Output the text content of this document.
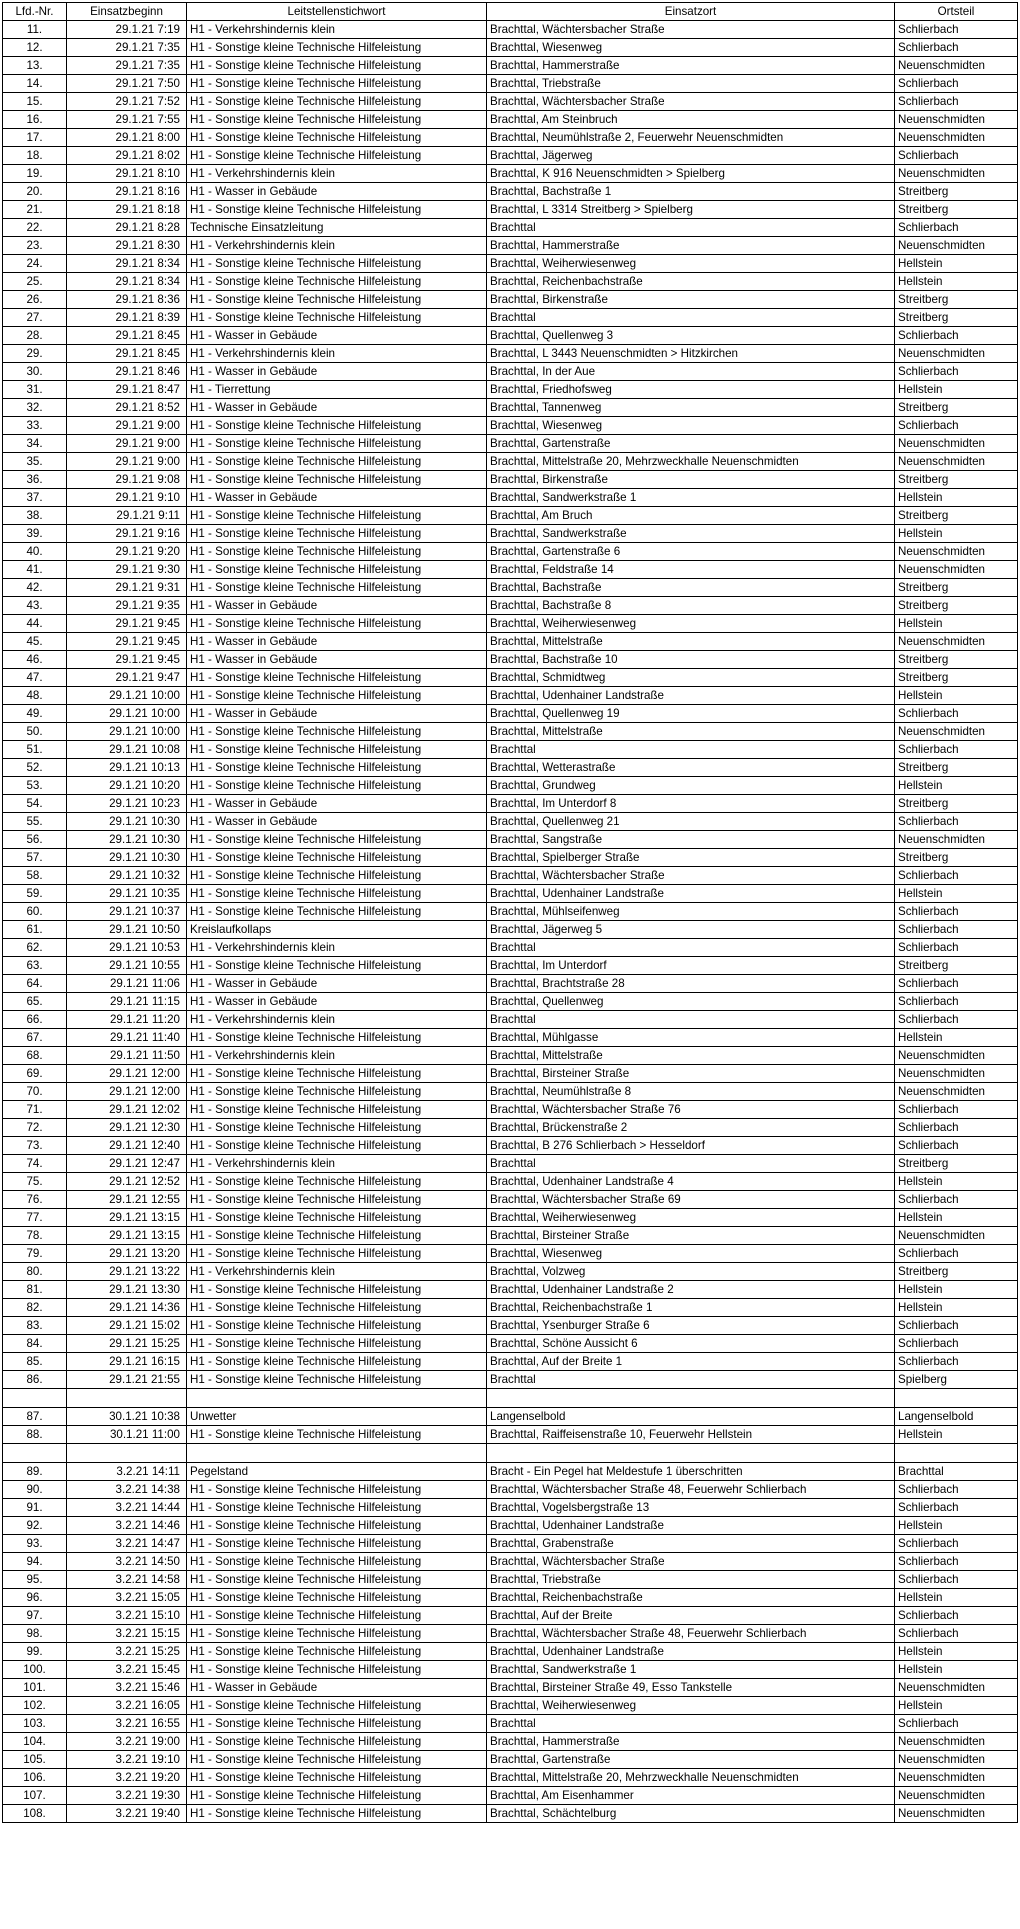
Lfd.-Nr.	Einsatzbeginn	Leitstellenstichwort	Einsatzort	Ortsteil
11.	29.1.21 7:19	H1 - Verkehrshindernis klein	Brachttal, Wächtersbacher Straße	Schlierbach
12.	29.1.21 7:35	H1 - Sonstige kleine Technische Hilfeleistung	Brachttal, Wiesenweg	Schlierbach
13.	29.1.21 7:35	H1 - Sonstige kleine Technische Hilfeleistung	Brachttal, Hammerstraße	Neuenschmidten
14.	29.1.21 7:50	H1 - Sonstige kleine Technische Hilfeleistung	Brachttal, Triebstraße	Schlierbach
15.	29.1.21 7:52	H1 - Sonstige kleine Technische Hilfeleistung	Brachttal, Wächtersbacher Straße	Schlierbach
16.	29.1.21 7:55	H1 - Sonstige kleine Technische Hilfeleistung	Brachttal, Am Steinbruch	Neuenschmidten
17.	29.1.21 8:00	H1 - Sonstige kleine Technische Hilfeleistung	Brachttal, Neumühlstraße 2, Feuerwehr Neuenschmidten	Neuenschmidten
18.	29.1.21 8:02	H1 - Sonstige kleine Technische Hilfeleistung	Brachttal, Jägerweg	Schlierbach
19.	29.1.21 8:10	H1 - Verkehrshindernis klein	Brachttal, K 916 Neuenschmidten > Spielberg	Neuenschmidten
20.	29.1.21 8:16	H1 - Wasser in Gebäude	Brachttal, Bachstraße 1	Streitberg
21.	29.1.21 8:18	H1 - Sonstige kleine Technische Hilfeleistung	Brachttal, L 3314 Streitberg > Spielberg	Streitberg
22.	29.1.21 8:28	Technische Einsatzleitung	Brachttal	Schlierbach
23.	29.1.21 8:30	H1 - Verkehrshindernis klein	Brachttal, Hammerstraße	Neuenschmidten
24.	29.1.21 8:34	H1 - Sonstige kleine Technische Hilfeleistung	Brachttal, Weiherwiesenweg	Hellstein
25.	29.1.21 8:34	H1 - Sonstige kleine Technische Hilfeleistung	Brachttal, Reichenbachstraße	Hellstein
26.	29.1.21 8:36	H1 - Sonstige kleine Technische Hilfeleistung	Brachttal, Birkenstraße	Streitberg
27.	29.1.21 8:39	H1 - Sonstige kleine Technische Hilfeleistung	Brachttal	Streitberg
28.	29.1.21 8:45	H1 - Wasser in Gebäude	Brachttal, Quellenweg 3	Schlierbach
29.	29.1.21 8:45	H1 - Verkehrshindernis klein	Brachttal, L 3443 Neuenschmidten > Hitzkirchen	Neuenschmidten
30.	29.1.21 8:46	H1 - Wasser in Gebäude	Brachttal, In der Aue	Schlierbach
31.	29.1.21 8:47	H1 - Tierrettung	Brachttal, Friedhofsweg	Hellstein
32.	29.1.21 8:52	H1 - Wasser in Gebäude	Brachttal, Tannenweg	Streitberg
33.	29.1.21 9:00	H1 - Sonstige kleine Technische Hilfeleistung	Brachttal, Wiesenweg	Schlierbach
34.	29.1.21 9:00	H1 - Sonstige kleine Technische Hilfeleistung	Brachttal, Gartenstraße	Neuenschmidten
35.	29.1.21 9:00	H1 - Sonstige kleine Technische Hilfeleistung	Brachttal, Mittelstraße 20, Mehrzweckhalle Neuenschmidten	Neuenschmidten
36.	29.1.21 9:08	H1 - Sonstige kleine Technische Hilfeleistung	Brachttal, Birkenstraße	Streitberg
37.	29.1.21 9:10	H1 - Wasser in Gebäude	Brachttal, Sandwerkstraße 1	Hellstein
38.	29.1.21 9:11	H1 - Sonstige kleine Technische Hilfeleistung	Brachttal, Am Bruch	Streitberg
39.	29.1.21 9:16	H1 - Sonstige kleine Technische Hilfeleistung	Brachttal, Sandwerkstraße	Hellstein
40.	29.1.21 9:20	H1 - Sonstige kleine Technische Hilfeleistung	Brachttal, Gartenstraße 6	Neuenschmidten
41.	29.1.21 9:30	H1 - Sonstige kleine Technische Hilfeleistung	Brachttal, Feldstraße 14	Neuenschmidten
42.	29.1.21 9:31	H1 - Sonstige kleine Technische Hilfeleistung	Brachttal, Bachstraße	Streitberg
43.	29.1.21 9:35	H1 - Wasser in Gebäude	Brachttal, Bachstraße 8	Streitberg
44.	29.1.21 9:45	H1 - Sonstige kleine Technische Hilfeleistung	Brachttal, Weiherwiesenweg	Hellstein
45.	29.1.21 9:45	H1 - Wasser in Gebäude	Brachttal, Mittelstraße	Neuenschmidten
46.	29.1.21 9:45	H1 - Wasser in Gebäude	Brachttal, Bachstraße 10	Streitberg
47.	29.1.21 9:47	H1 - Sonstige kleine Technische Hilfeleistung	Brachttal, Schmidtweg	Streitberg
48.	29.1.21 10:00	H1 - Sonstige kleine Technische Hilfeleistung	Brachttal, Udenhainer Landstraße	Hellstein
49.	29.1.21 10:00	H1 - Wasser in Gebäude	Brachttal, Quellenweg 19	Schlierbach
50.	29.1.21 10:00	H1 - Sonstige kleine Technische Hilfeleistung	Brachttal, Mittelstraße	Neuenschmidten
51.	29.1.21 10:08	H1 - Sonstige kleine Technische Hilfeleistung	Brachttal	Schlierbach
52.	29.1.21 10:13	H1 - Sonstige kleine Technische Hilfeleistung	Brachttal, Wetterastraße	Streitberg
53.	29.1.21 10:20	H1 - Sonstige kleine Technische Hilfeleistung	Brachttal, Grundweg	Hellstein
54.	29.1.21 10:23	H1 - Wasser in Gebäude	Brachttal, Im Unterdorf 8	Streitberg
55.	29.1.21 10:30	H1 - Wasser in Gebäude	Brachttal, Quellenweg 21	Schlierbach
56.	29.1.21 10:30	H1 - Sonstige kleine Technische Hilfeleistung	Brachttal, Sangstraße	Neuenschmidten
57.	29.1.21 10:30	H1 - Sonstige kleine Technische Hilfeleistung	Brachttal, Spielberger Straße	Streitberg
58.	29.1.21 10:32	H1 - Sonstige kleine Technische Hilfeleistung	Brachttal, Wächtersbacher Straße	Schlierbach
59.	29.1.21 10:35	H1 - Sonstige kleine Technische Hilfeleistung	Brachttal, Udenhainer Landstraße	Hellstein
60.	29.1.21 10:37	H1 - Sonstige kleine Technische Hilfeleistung	Brachttal, Mühlseifenweg	Schlierbach
61.	29.1.21 10:50	Kreislaufkollaps	Brachttal, Jägerweg 5	Schlierbach
62.	29.1.21 10:53	H1 - Verkehrshindernis klein	Brachttal	Schlierbach
63.	29.1.21 10:55	H1 - Sonstige kleine Technische Hilfeleistung	Brachttal, Im Unterdorf	Streitberg
64.	29.1.21 11:06	H1 - Wasser in Gebäude	Brachttal, Brachtstraße 28	Schlierbach
65.	29.1.21 11:15	H1 - Wasser in Gebäude	Brachttal, Quellenweg	Schlierbach
66.	29.1.21 11:20	H1 - Verkehrshindernis klein	Brachttal	Schlierbach
67.	29.1.21 11:40	H1 - Sonstige kleine Technische Hilfeleistung	Brachttal, Mühlgasse	Hellstein
68.	29.1.21 11:50	H1 - Verkehrshindernis klein	Brachttal, Mittelstraße	Neuenschmidten
69.	29.1.21 12:00	H1 - Sonstige kleine Technische Hilfeleistung	Brachttal, Birsteiner Straße	Neuenschmidten
70.	29.1.21 12:00	H1 - Sonstige kleine Technische Hilfeleistung	Brachttal, Neumühlstraße 8	Neuenschmidten
71.	29.1.21 12:02	H1 - Sonstige kleine Technische Hilfeleistung	Brachttal, Wächtersbacher Straße 76	Schlierbach
72.	29.1.21 12:30	H1 - Sonstige kleine Technische Hilfeleistung	Brachttal, Brückenstraße 2	Schlierbach
73.	29.1.21 12:40	H1 - Sonstige kleine Technische Hilfeleistung	Brachttal, B 276 Schlierbach > Hesseldorf	Schlierbach
74.	29.1.21 12:47	H1 - Verkehrshindernis klein	Brachttal	Streitberg
75.	29.1.21 12:52	H1 - Sonstige kleine Technische Hilfeleistung	Brachttal, Udenhainer Landstraße 4	Hellstein
76.	29.1.21 12:55	H1 - Sonstige kleine Technische Hilfeleistung	Brachttal, Wächtersbacher Straße 69	Schlierbach
77.	29.1.21 13:15	H1 - Sonstige kleine Technische Hilfeleistung	Brachttal, Weiherwiesenweg	Hellstein
78.	29.1.21 13:15	H1 - Sonstige kleine Technische Hilfeleistung	Brachttal, Birsteiner Straße	Neuenschmidten
79.	29.1.21 13:20	H1 - Sonstige kleine Technische Hilfeleistung	Brachttal, Wiesenweg	Schlierbach
80.	29.1.21 13:22	H1 - Verkehrshindernis klein	Brachttal, Volzweg	Streitberg
81.	29.1.21 13:30	H1 - Sonstige kleine Technische Hilfeleistung	Brachttal, Udenhainer Landstraße 2	Hellstein
82.	29.1.21 14:36	H1 - Sonstige kleine Technische Hilfeleistung	Brachttal, Reichenbachstraße 1	Hellstein
83.	29.1.21 15:02	H1 - Sonstige kleine Technische Hilfeleistung	Brachttal, Ysenburger Straße 6	Schlierbach
84.	29.1.21 15:25	H1 - Sonstige kleine Technische Hilfeleistung	Brachttal, Schöne Aussicht 6	Schlierbach
85.	29.1.21 16:15	H1 - Sonstige kleine Technische Hilfeleistung	Brachttal, Auf der Breite 1	Schlierbach
86.	29.1.21 21:55	H1 - Sonstige kleine Technische Hilfeleistung	Brachttal	Spielberg

87.	30.1.21 10:38	Unwetter	Langenselbold	Langenselbold
88.	30.1.21 11:00	H1 - Sonstige kleine Technische Hilfeleistung	Brachttal, Raiffeisenstraße 10, Feuerwehr Hellstein	Hellstein

89.	3.2.21 14:11	Pegelstand	Bracht - Ein Pegel hat Meldestufe 1 überschritten	Brachttal
90.	3.2.21 14:38	H1 - Sonstige kleine Technische Hilfeleistung	Brachttal, Wächtersbacher Straße 48, Feuerwehr Schlierbach	Schlierbach
91.	3.2.21 14:44	H1 - Sonstige kleine Technische Hilfeleistung	Brachttal, Vogelsbergstraße 13	Schlierbach
92.	3.2.21 14:46	H1 - Sonstige kleine Technische Hilfeleistung	Brachttal, Udenhainer Landstraße	Hellstein
93.	3.2.21 14:47	H1 - Sonstige kleine Technische Hilfeleistung	Brachttal, Grabenstraße	Schlierbach
94.	3.2.21 14:50	H1 - Sonstige kleine Technische Hilfeleistung	Brachttal, Wächtersbacher Straße	Schlierbach
95.	3.2.21 14:58	H1 - Sonstige kleine Technische Hilfeleistung	Brachttal, Triebstraße	Schlierbach
96.	3.2.21 15:05	H1 - Sonstige kleine Technische Hilfeleistung	Brachttal, Reichenbachstraße	Hellstein
97.	3.2.21 15:10	H1 - Sonstige kleine Technische Hilfeleistung	Brachttal, Auf der Breite	Schlierbach
98.	3.2.21 15:15	H1 - Sonstige kleine Technische Hilfeleistung	Brachttal, Wächtersbacher Straße 48, Feuerwehr Schlierbach	Schlierbach
99.	3.2.21 15:25	H1 - Sonstige kleine Technische Hilfeleistung	Brachttal, Udenhainer Landstraße	Hellstein
100.	3.2.21 15:45	H1 - Sonstige kleine Technische Hilfeleistung	Brachttal, Sandwerkstraße 1	Hellstein
101.	3.2.21 15:46	H1 - Wasser in Gebäude	Brachttal, Birsteiner Straße 49, Esso Tankstelle	Neuenschmidten
102.	3.2.21 16:05	H1 - Sonstige kleine Technische Hilfeleistung	Brachttal, Weiherwiesenweg	Hellstein
103.	3.2.21 16:55	H1 - Sonstige kleine Technische Hilfeleistung	Brachttal	Schlierbach
104.	3.2.21 19:00	H1 - Sonstige kleine Technische Hilfeleistung	Brachttal, Hammerstraße	Neuenschmidten
105.	3.2.21 19:10	H1 - Sonstige kleine Technische Hilfeleistung	Brachttal, Gartenstraße	Neuenschmidten
106.	3.2.21 19:20	H1 - Sonstige kleine Technische Hilfeleistung	Brachttal, Mittelstraße 20, Mehrzweckhalle Neuenschmidten	Neuenschmidten
107.	3.2.21 19:30	H1 - Sonstige kleine Technische Hilfeleistung	Brachttal, Am Eisenhammer	Neuenschmidten
108.	3.2.21 19:40	H1 - Sonstige kleine Technische Hilfeleistung	Brachttal, Schächtelburg	Neuenschmidten
